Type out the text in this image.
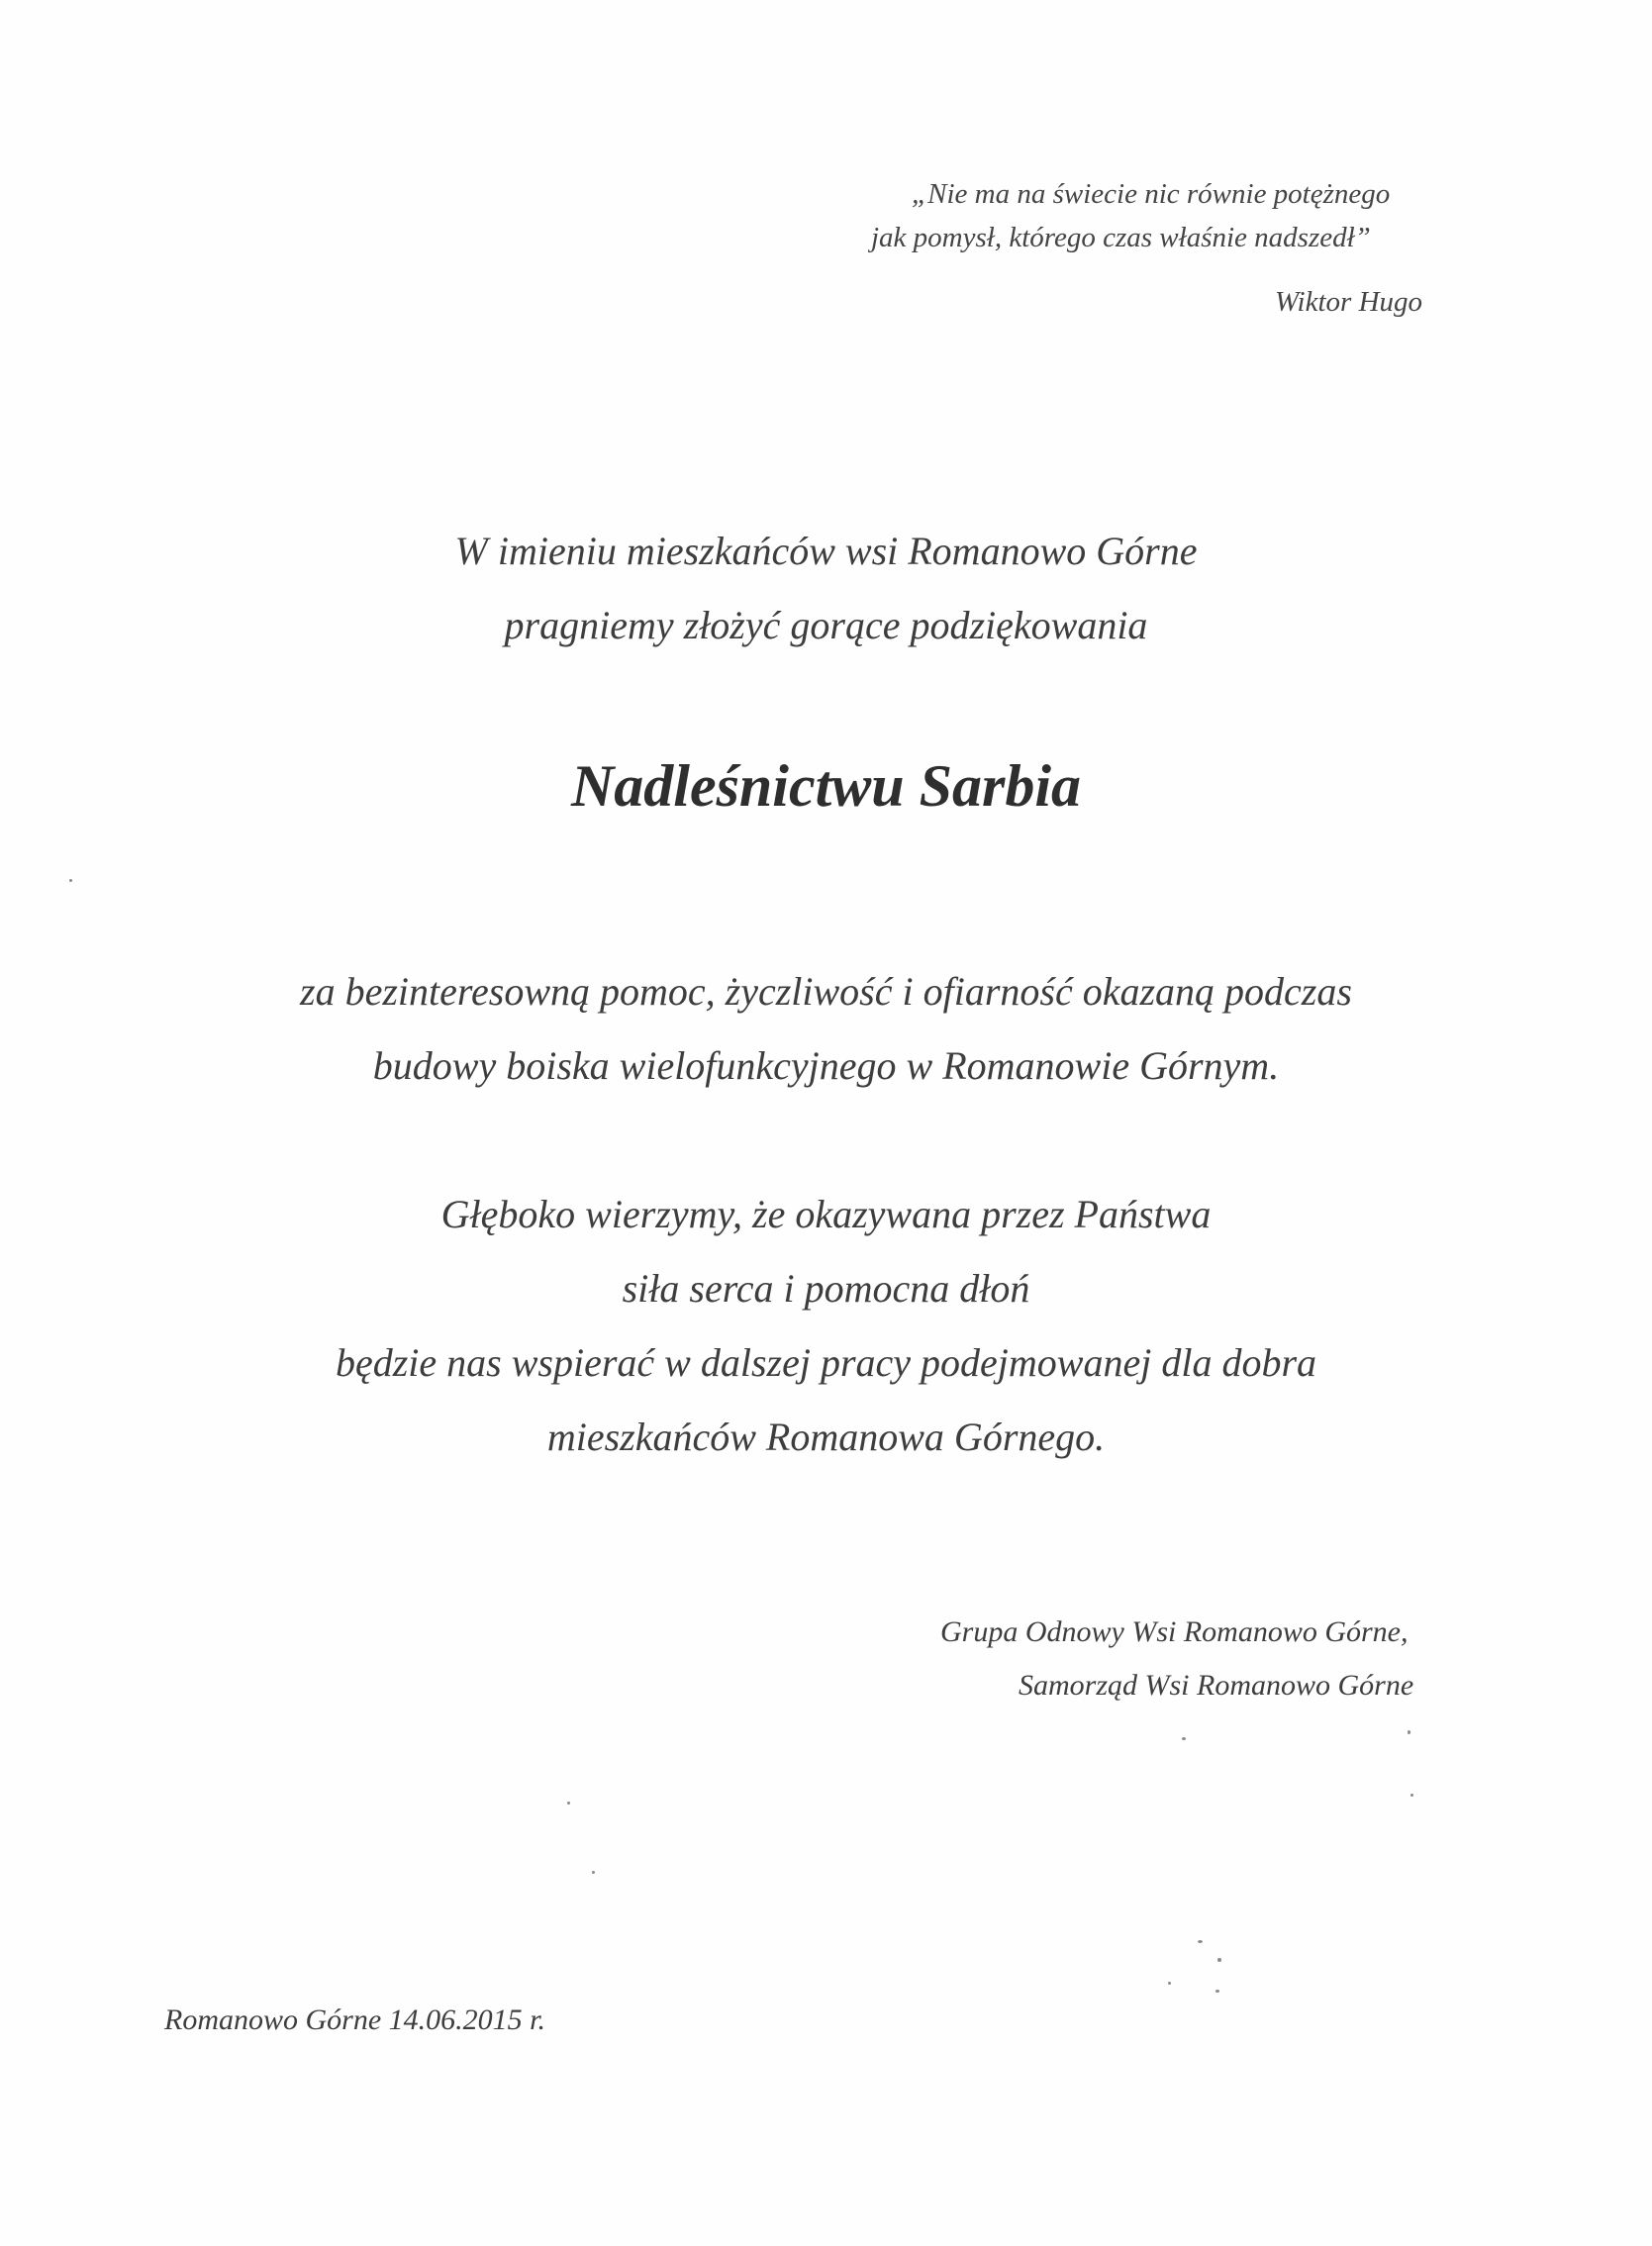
„Nie ma na świecie nic równie potężnego
jak pomysł, którego czas właśnie nadszedł”
Wiktor Hugo
W imieniu mieszkańców wsi Romanowo Górne
pragniemy złożyć gorące podziękowania
Nadleśnictwu Sarbia
za bezinteresowną pomoc, życzliwość i ofiarność okazaną podczas
budowy boiska wielofunkcyjnego w Romanowie Górnym.
Głęboko wierzymy, że okazywana przez Państwa
siła serca i pomocna dłoń
będzie nas wspierać w dalszej pracy podejmowanej dla dobra
mieszkańców Romanowa Górnego.
Grupa Odnowy Wsi Romanowo Górne,
Samorząd Wsi Romanowo Górne
Romanowo Górne 14.06.2015 r.
